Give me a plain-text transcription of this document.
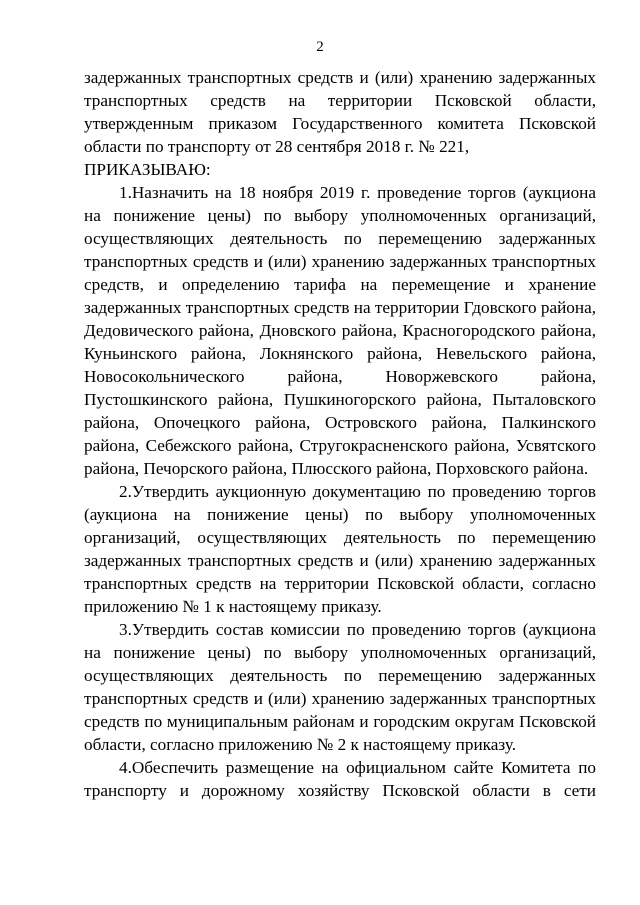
2

задержанных транспортных средств и (или) хранению задержанных транспортных средств на территории Псковской области, утвержденным приказом Государственного комитета Псковской области по транспорту от 28 сентября 2018 г. № 221,

ПРИКАЗЫВАЮ:

1.Назначить на 18 ноября 2019 г. проведение торгов (аукциона на понижение цены) по выбору уполномоченных организаций, осуществляющих деятельность по перемещению задержанных транспортных средств и (или) хранению задержанных транспортных средств, и определению тарифа на перемещение и хранение задержанных транспортных средств на территории Гдовского района, Дедовичеcкого района, Дновского района, Красногородского района, Куньинского района, Локнянского района, Невельского района, Новосокольнического района, Новоржевского района, Пустошкинского района, Пушкиногорского района, Пыталовского района, Опочецкого района, Островского района, Палкинского района, Себежского района, Стругокрасненского района, Усвятского района, Печорского района, Плюсского района, Порховского района.

2.Утвердить аукционную документацию по проведению торгов (аукциона на понижение цены) по выбору уполномоченных организаций, осуществляющих деятельность по перемещению задержанных транспортных средств и (или) хранению задержанных транспортных средств на территории Псковской области, согласно приложению № 1 к настоящему приказу.

3.Утвердить состав комиссии по проведению торгов (аукциона на понижение цены) по выбору уполномоченных организаций, осуществляющих деятельность по перемещению задержанных транспортных средств и (или) хранению задержанных транспортных средств по муниципальным районам и городским округам Псковской области, согласно приложению № 2 к настоящему приказу.

4.Обеспечить размещение на официальном сайте Комитета по транспорту и дорожному хозяйству Псковской области в сети
